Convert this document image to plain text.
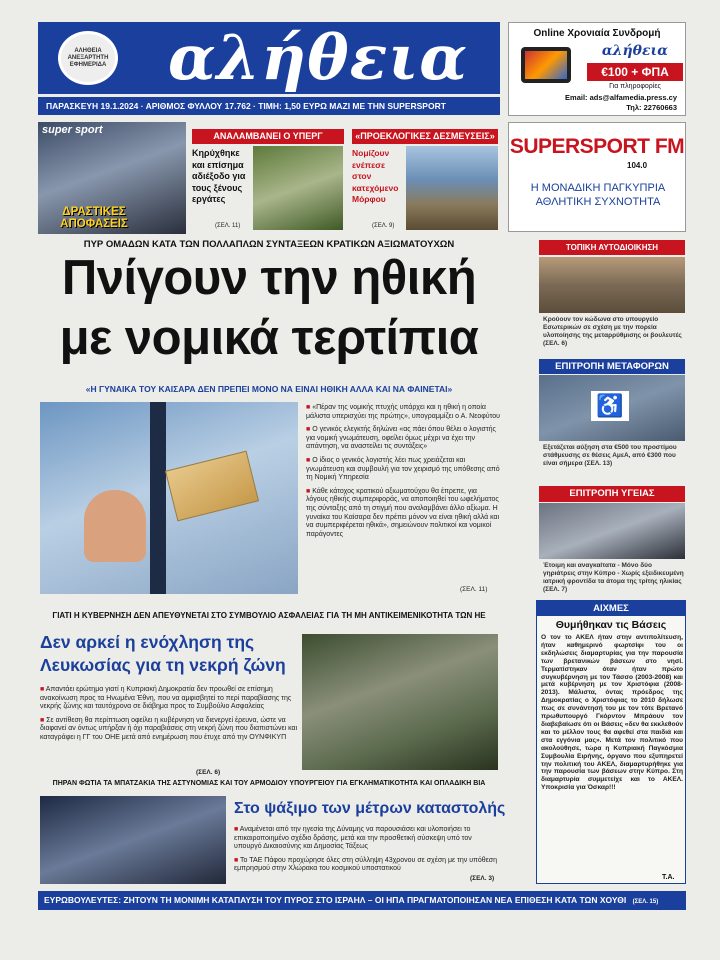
ΑΛΗΘΕΙΑ ΑΝΕΞΑΡΤΗΤΗ ΕΦΗΜΕΡΙΔΑ αλήθεια
ΠΑΡΑΣΚΕΥΗ 19.1.2024 · ΑΡΙΘΜΟΣ ΦΥΛΛΟΥ 17.762 · ΤΙΜΗ: 1,50 ΕΥΡΩ ΜΑΖΙ ΜΕ ΤΗΝ SUPERSPORT
Online Χρονιαία Συνδρομή
αλήθεια
€100 + ΦΠΑ
Για πληροφορίες
Email: ads@alfamedia.press.cy
Τηλ: 22760663
super sport
ΔΡΑΣΤΙΚΕΣ ΑΠΟΦΑΣΕΙΣ
ΑΝΑΛΑΜΒΑΝΕΙ Ο ΥΠΕΡΓ
Κηρύχθηκε και επίσημα αδιέξοδο για τους ξένους εργάτες
(ΣΕΛ. 11)
«ΠΡΟΕΚΛΟΓΙΚΕΣ ΔΕΣΜΕΥΣΕΙΣ»
Νομίζουν ενέπεσε στον κατεχόμενο Μόρφου
(ΣΕΛ. 9)
SUPERSPORT FM
104.0
Η ΜΟΝΑΔΙΚΗ ΠΑΓΚΥΠΡΙΑ ΑΘΛΗΤΙΚΗ ΣΥΧΝΟΤΗΤΑ
ΠΥΡ ΟΜΑΔΩΝ ΚΑΤΑ ΤΩΝ ΠΟΛΛΑΠΛΩΝ ΣΥΝΤΑΞΕΩΝ ΚΡΑΤΙΚΩΝ ΑΞΙΩΜΑΤΟΥΧΩΝ
Πνίγουν την ηθική
με νομικά τερτίπια
«Η ΓΥΝΑΙΚΑ ΤΟΥ ΚΑΙΣΑΡΑ ΔΕΝ ΠΡΕΠΕΙ ΜΟΝΟ ΝΑ ΕΙΝΑΙ ΗΘΙΚΗ ΑΛΛΑ ΚΑΙ ΝΑ ΦΑΙΝΕΤΑΙ»

■ «Πέραν της νομικής πτυχής υπάρχει και η ηθική η οποία μάλιστα υπερισχύει της πρώτης», υπογραμμίζει ο Α. Νεοφύτου

■ Ο γενικός ελεγκτής δηλώνει «ας πάει όπου θέλει ο λογιστής για νομική γνωμάτευση, οφείλει όμως μέχρι να έχει την απάντηση, να αναστείλει τις συντάξεις»

■ Ο ίδιος ο γενικός λογιστής λέει πως χρειάζεται και γνωμάτευση και συμβουλή για τον χειρισμό της υπόθεσης από τη Νομική Υπηρεσία

■ Κάθε κάτοχος κρατικού αξιωματούχου θα έπρεπε, για λόγους ηθικής συμπεριφοράς, να αποποιηθεί του ωφελήματος της σύνταξης από τη στιγμή που αναλαμβάνει άλλο αξίωμα. Η γυναίκα του Καίσαρα δεν πρέπει μόνον να είναι ηθική αλλά και να συμπεριφέρεται ηθικά», σημειώνουν πολιτικοί και νομικοί παράγοντες

(ΣΕΛ. 11)
ΓΙΑΤΙ Η ΚΥΒΕΡΝΗΣΗ ΔΕΝ ΑΠΕΥΘΥΝΕΤΑΙ ΣΤΟ ΣΥΜΒΟΥΛΙΟ ΑΣΦΑΛΕΙΑΣ ΓΙΑ ΤΗ ΜΗ ΑΝΤΙΚΕΙΜΕΝΙΚΟΤΗΤΑ ΤΩΝ ΗΕ
Δεν αρκεί η ενόχληση της
Λευκωσίας για τη νεκρή ζώνη

■ Απαντάει ερώτημα γιατί η Κυπριακή Δημοκρατία δεν προωθεί σε επίσημη ανακοίνωση προς τα Ηνωμένα Έθνη, που να αμφισβητεί το περί παραβίασης της νεκρής ζώνης και ταυτόχρονα σε διάβημα προς το Συμβούλιο Ασφαλείας

■ Σε αντίθεση θα περίπτωση οφείλει η κυβέρνηση να διενεργεί έρευνα, ώστε να διαφανεί αν όντως υπήρξαν ή όχι παραβιάσεις στη νεκρή ζώνη που διαπιστώνει και καταγράφει η ΓΓ του ΟΗΕ μετά από ενημέρωση που έτυχε από την ΟΥΝΦΙΚΥΠ

(ΣΕΛ. 6)
ΠΗΡΑΝ ΦΩΤΙΑ ΤΑ ΜΠΑΤΖΑΚΙΑ ΤΗΣ ΑΣΤΥΝΟΜΙΑΣ ΚΑΙ ΤΟΥ ΑΡΜΟΔΙΟΥ ΥΠΟΥΡΓΕΙΟΥ ΓΙΑ ΕΓΚΛΗΜΑΤΙΚΟΤΗΤΑ ΚΑΙ ΟΠΛΑΔΙΚΗ ΒΙΑ
Στο ψάξιμο των μέτρων καταστολής

■ Αναμένεται από την ηγεσία της Δύναμης να παρουσιάσει και υλοποιήσει το επικαιροποιημένο σχέδιο δράσης, μετά και την προσθετική σύσκεψη υπό τον υπουργό Δικαιοσύνης και Δημοσίας Τάξεως

■ Το ΤΑΕ Πάφου προχώρησε όλες στη σύλληψη 43χρονου σε σχέση με την υπόθεση εμπρησμού στην Χλώρακα του κοσμικού υποστατικού

(ΣΕΛ. 3)
ΤΟΠΙΚΗ ΑΥΤΟΔΙΟΙΚΗΣΗ
Κρούουν τον κώδωνα στο υπουργείο Εσωτερικών σε σχέση με την πορεία υλοποίησης της μεταρρύθμισης οι βουλευτές (ΣΕΛ. 6)
ΕΠΙΤΡΟΠΗ ΜΕΤΑΦΟΡΩΝ
♿
Εξετάζεται αύξηση στα €500 του προστίμου στάθμευσης σε θέσεις ΑμεΑ, από €300 που είναι σήμερα (ΣΕΛ. 13)
ΕΠΙΤΡΟΠΗ ΥΓΕΙΑΣ
Έτοιμη και αναγκαίτατα - Μόνο δύο γηριάτρεις στην Κύπρο - Χωρίς εξειδικευμένη ιατρική φροντίδα τα άτομα της τρίτης ηλικίας (ΣΕΛ. 7)
ΑΙΧΜΕΣ
Θυμήθηκαν τις Βάσεις
Ο τον το ΑΚΕΛ ήταν στην αντιπολίτευση, ήταν καθημερινό φωρτσίφι του οι εκδηλώσεις διαμαρτυρίας για την παρουσία των βρετανικών βάσεων στο νησί. Τερματίστηκαν όταν ήταν πρώτο συγκυβέρνηση με τον Τάσσο (2003-2008) και μετά κυβέρνηση με τον Χριστόφια (2008-2013). Μάλιστα, όντας πρόεδρος της Δημοκρατίας ο Χριστόφιας το 2010 δήλωσε πως σε συνάντησή του με τον τότε Βρετανό πρωθυπουργό Γκόρντον Μπράουν τον διαβεβαίωσε ότι οι Βάσεις «δεν θα εκκλεθούν και το μέλλον τους θα αφεθεί στα παιδιά και στα εγγόνια μας». Μετά τον πολιτικό που ακολούθησε, τώρα η Κυπριακή Παγκόσμια Συμβουλία Ειρήνης, όργανο που εξυπηρετεί την πολιτική του ΑΚΕΛ, διαμαρτυρήθηκε για την παρουσία των βάσεων στην Κύπρο. Στη διαμαρτυρία συμμετείχε και το ΑΚΕΛ. Υποκρισία για Όσκαρ!!!
Τ.Α.
ΕΥΡΩΒΟΥΛΕΥΤΕΣ: ΖΗΤΟΥΝ ΤΗ ΜΟΝΙΜΗ ΚΑΤΑΠΑΥΣΗ ΤΟΥ ΠΥΡΟΣ ΣΤΟ ΙΣΡΑΗΛ – ΟΙ ΗΠΑ ΠΡΑΓΜΑΤΟΠΟΙΗΣΑΝ ΝΕΑ ΕΠΙΘΕΣΗ ΚΑΤΑ ΤΩΝ ΧΟΥΘΙ (ΣΕΛ. 15)
